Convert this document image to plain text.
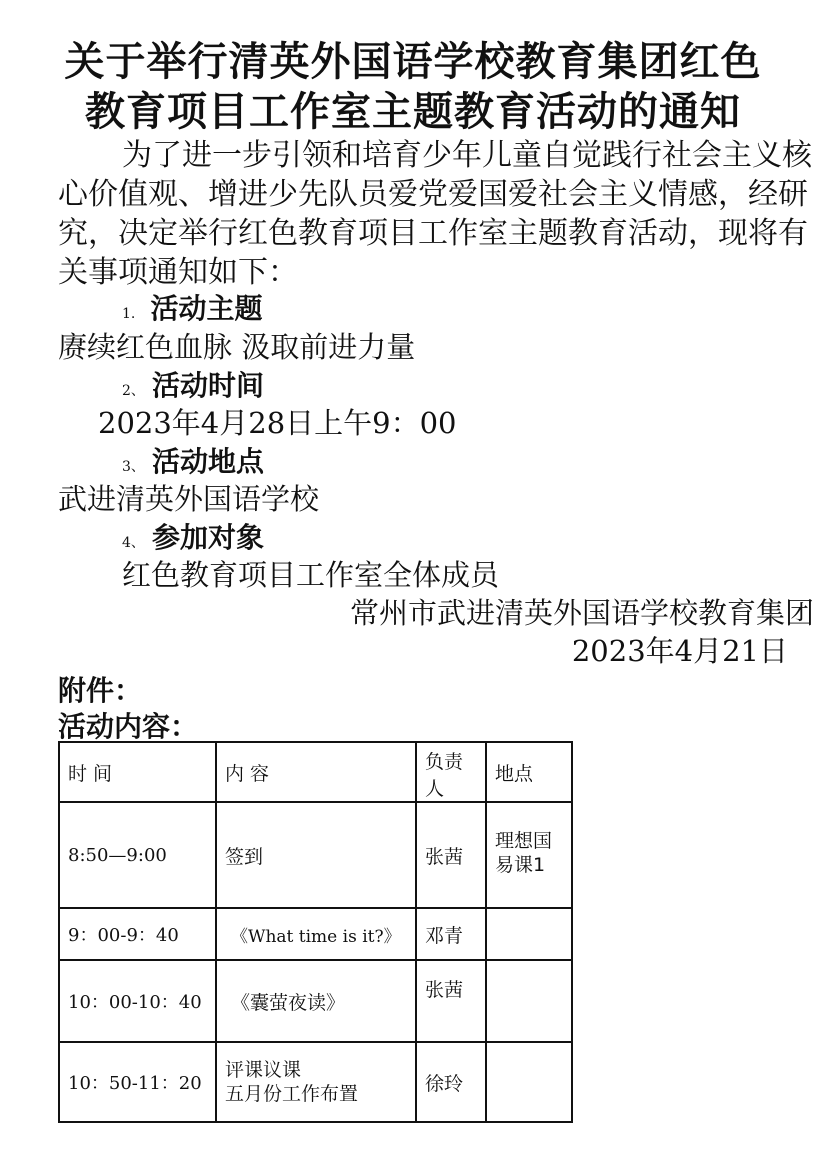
关于举行清英外国语学校教育集团红色
教育项目工作室主题教育活动的通知
为了进一步引领和培育少年儿童自觉践行社会主义核心价值观、增进少先队员爱党爱国爱社会主义情感，经研究，决定举行红色教育项目工作室主题教育活动，现将有关事项通知如下：
1. 活动主题
赓续红色血脉 汲取前进力量
2、 活动时间
2023年4月28日上午9：00
3、 活动地点
武进清英外国语学校
4、 参加对象
红色教育项目工作室全体成员
常州市武进清英外国语学校教育集团
2023年4月21日
附件：
活动内容：
时 间	内 容	负责人	地点
8:50—9:00	签到	张茜	理想国
易课1

9：00-9：40	《What time is it?》	邓青	
10：00-10：40	《囊萤夜读》	张茜	
10：50-11：20	评课议课
五月份工作布置	徐玲	
